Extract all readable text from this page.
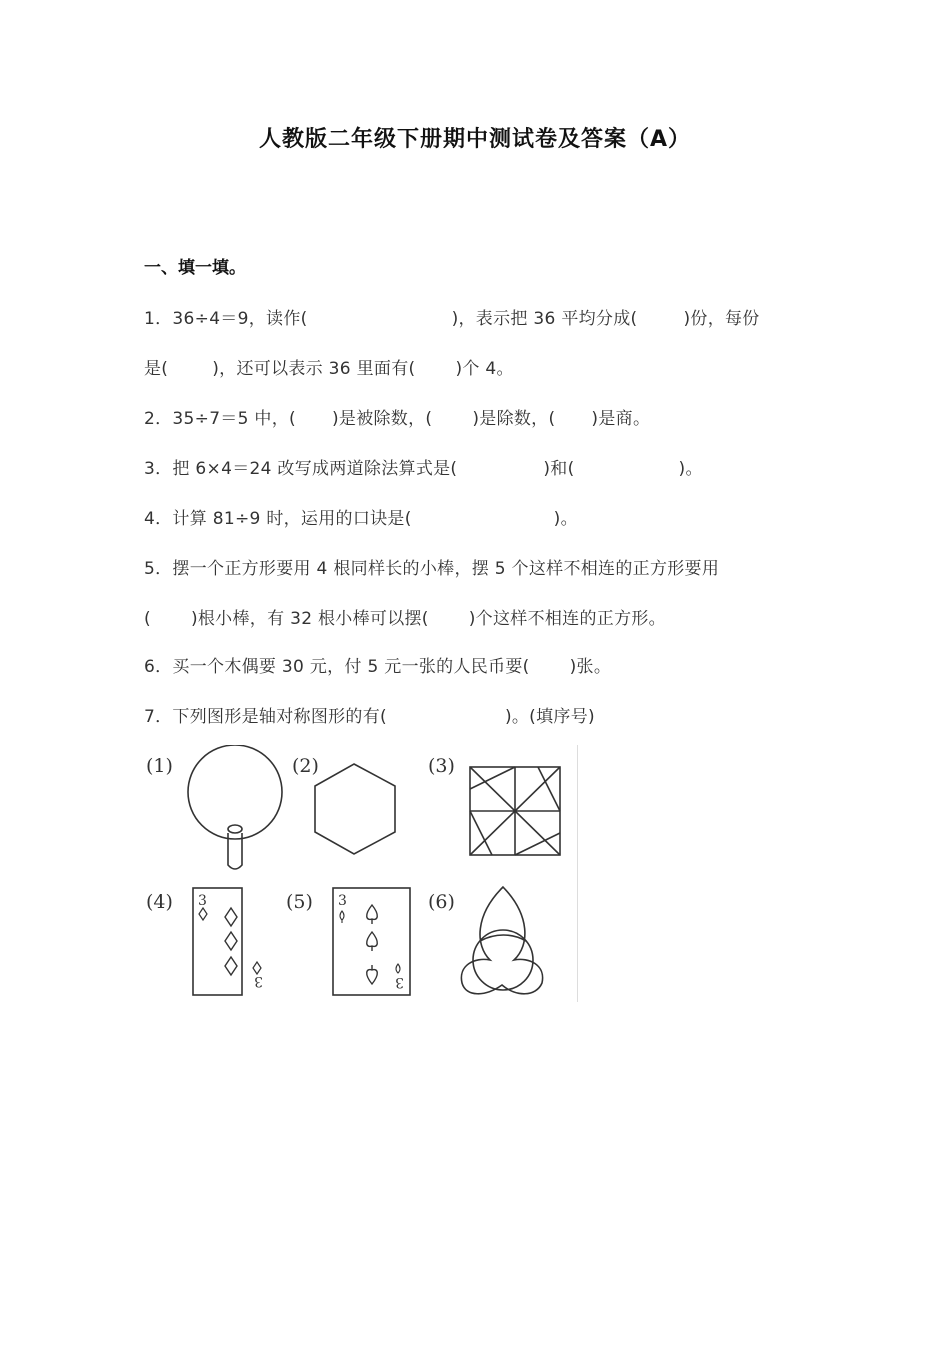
人教版二年级下册期中测试卷及答案（A）
一、填一填。
1．36÷4＝9，读作(	)，表示把 36 平均分成(	)份，每份
是(	)，还可以表示 36 里面有( )个 4。
2．35÷7＝5 中，( )是被除数，( )是除数，( )是商。
3．把 6×4＝24 改写成两道除法算式是(	)和(	)。
4．计算 81÷9 时，运用的口诀是(	)。
5．摆一个正方形要用 4 根同样长的小棒，摆 5 个这样不相连的正方形要用
( )根小棒，有 32 根小棒可以摆( )个这样不相连的正方形。
6．买一个木偶要 30 元，付 5 元一张的人民币要( )张。
7．下列图形是轴对称图形的有(	)。(填序号)
(1)	(2)	(3)
(4)	(5)	(6)
3
3
3
3
